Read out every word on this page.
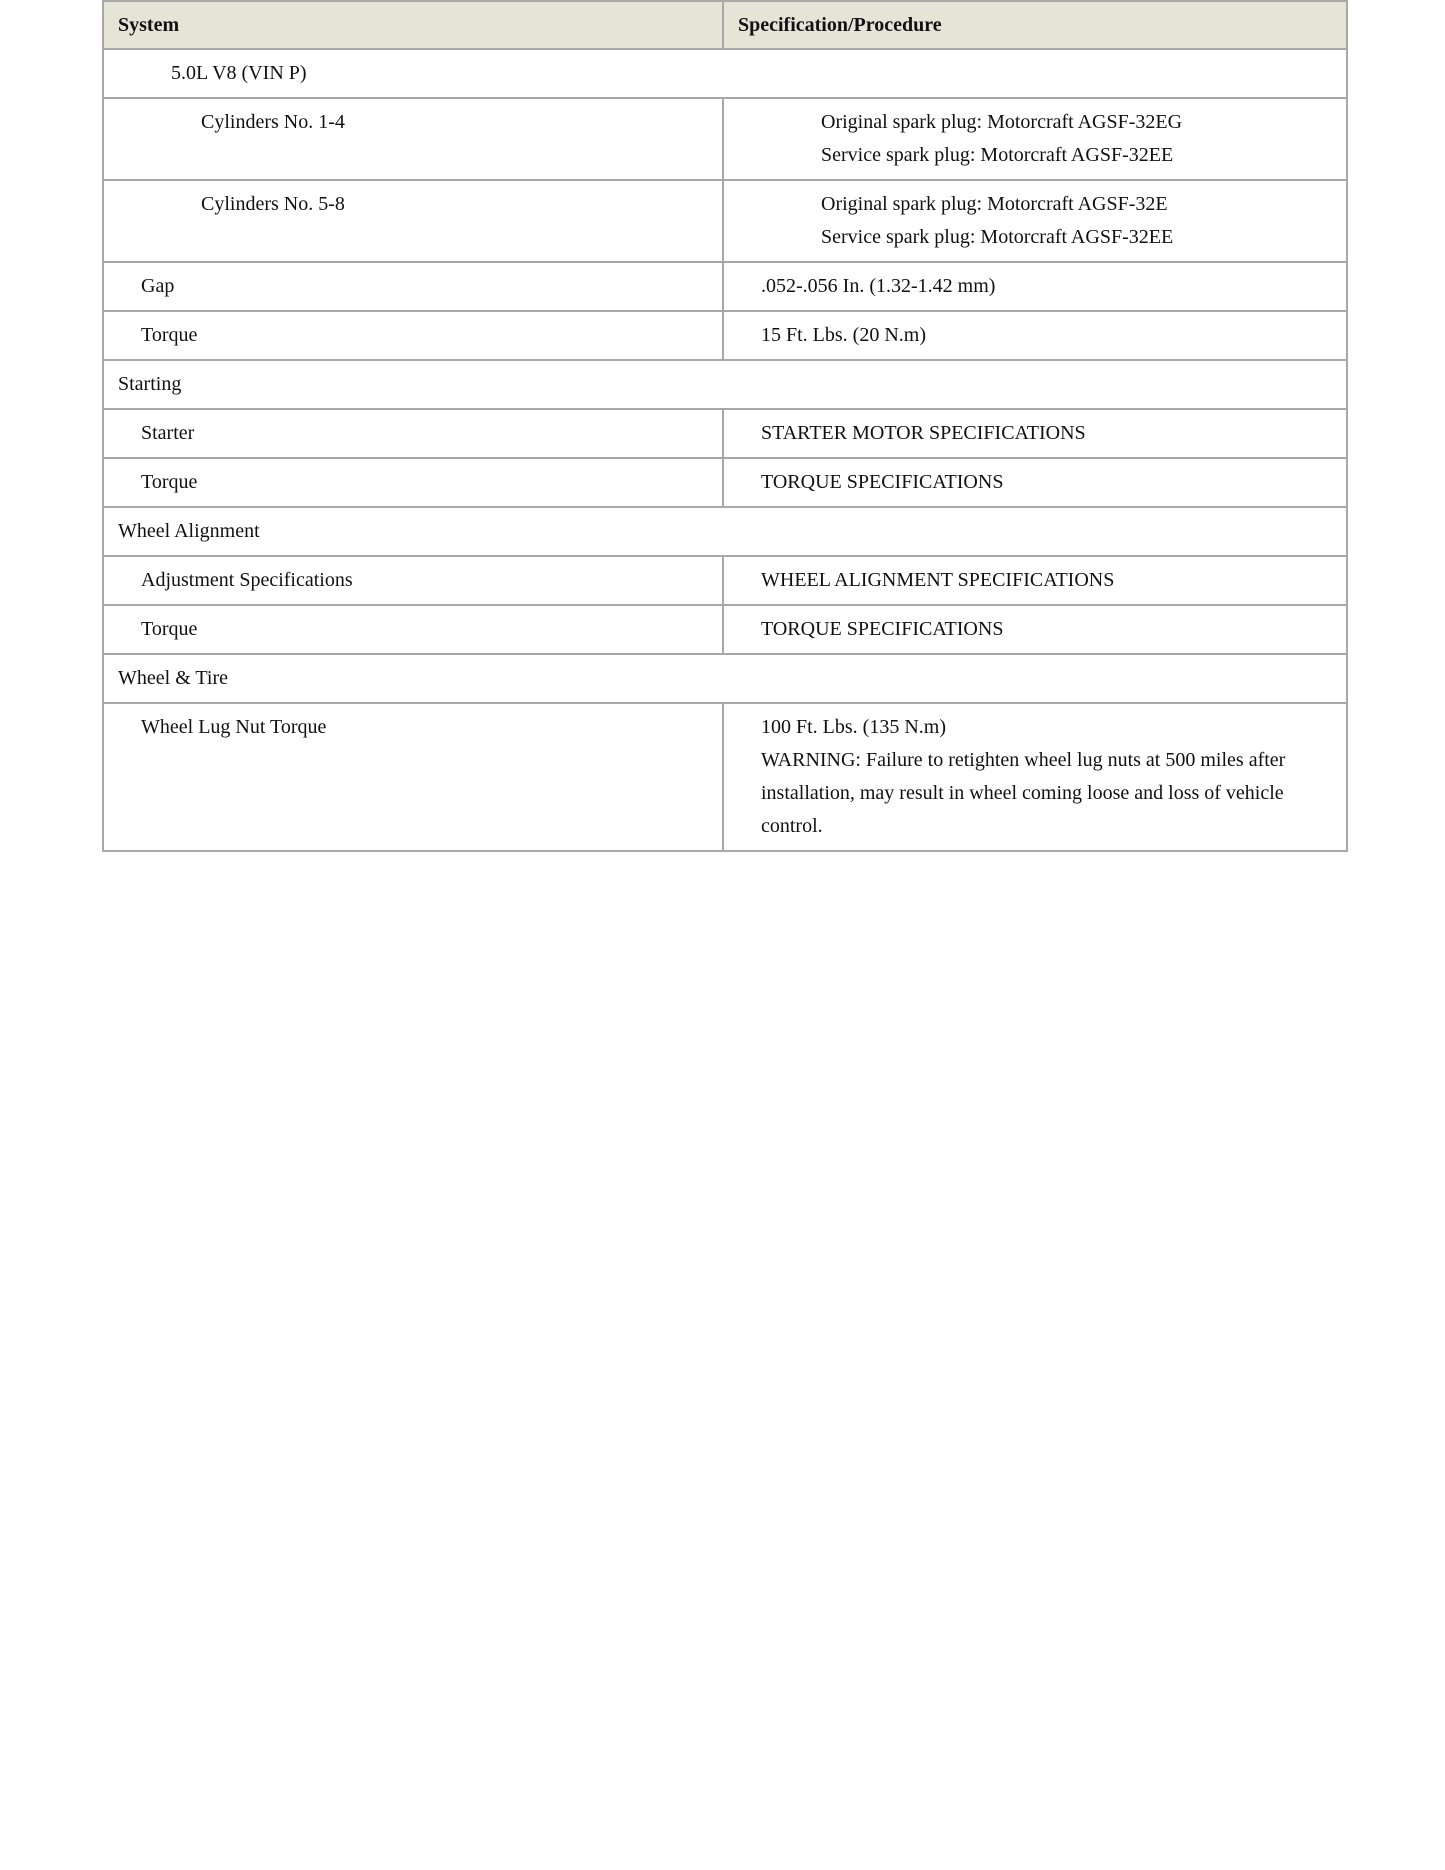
System	Specification/Procedure
5.0L V8 (VIN P)	
Cylinders No. 1-4	Original spark plug: Motorcraft AGSF-32EG
Service spark plug: Motorcraft AGSF-32EE

Cylinders No. 5-8	Original spark plug: Motorcraft AGSF-32E
Service spark plug: Motorcraft AGSF-32EE

Gap	.052-.056 In. (1.32-1.42 mm)

Torque	15 Ft. Lbs. (20 N.m)

Starting	
Starter	STARTER MOTOR SPECIFICATIONS

Torque	TORQUE SPECIFICATIONS

Wheel Alignment	
Adjustment Specifications	WHEEL ALIGNMENT SPECIFICATIONS

Torque	TORQUE SPECIFICATIONS

Wheel & Tire	
Wheel Lug Nut Torque	100 Ft. Lbs. (135 N.m)
WARNING: Failure to retighten wheel lug nuts at 500 miles after installation, may result in wheel coming loose and loss of vehicle control.
